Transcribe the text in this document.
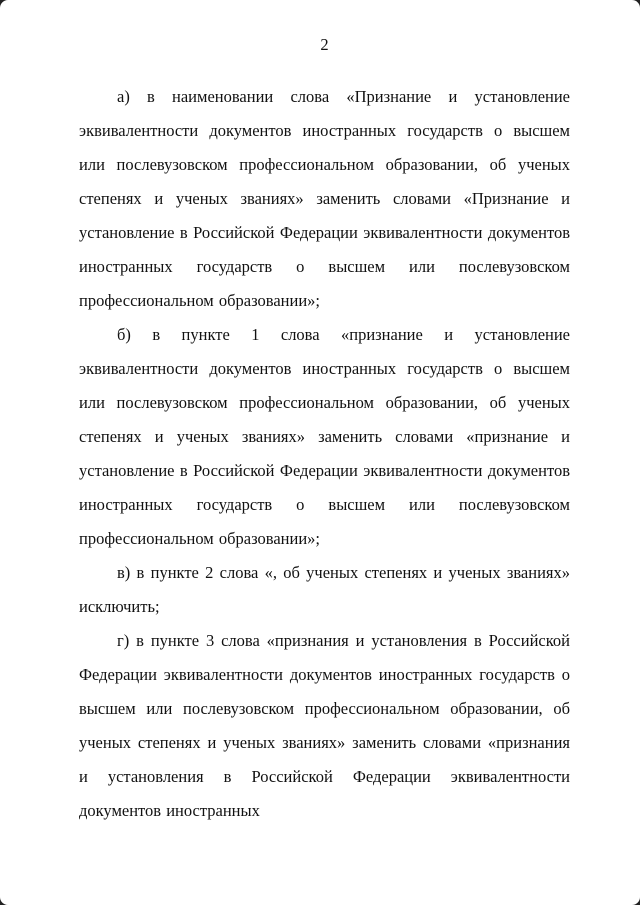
2

а) в наименовании слова «Признание и установление эквивалентности документов иностранных государств о высшем или послевузовском профессиональном образовании, об ученых степенях и ученых званиях» заменить словами «Признание и установление в Российской Федерации эквивалентности документов иностранных государств о высшем или послевузовском профессиональном образовании»;

б) в пункте 1 слова «признание и установление эквивалентности документов иностранных государств о высшем или послевузовском профессиональном образовании, об ученых степенях и ученых званиях» заменить словами «признание и установление в Российской Федерации эквивалентности документов иностранных государств о высшем или послевузовском профессиональном образовании»;

в) в пункте 2 слова «, об ученых степенях и ученых званиях» исключить;

г) в пункте 3 слова «признания и установления в Российской Федерации эквивалентности документов иностранных государств о высшем или послевузовском профессиональном образовании, об ученых степенях и ученых званиях» заменить словами «признания и установления в Российской Федерации эквивалентности документов иностранных
